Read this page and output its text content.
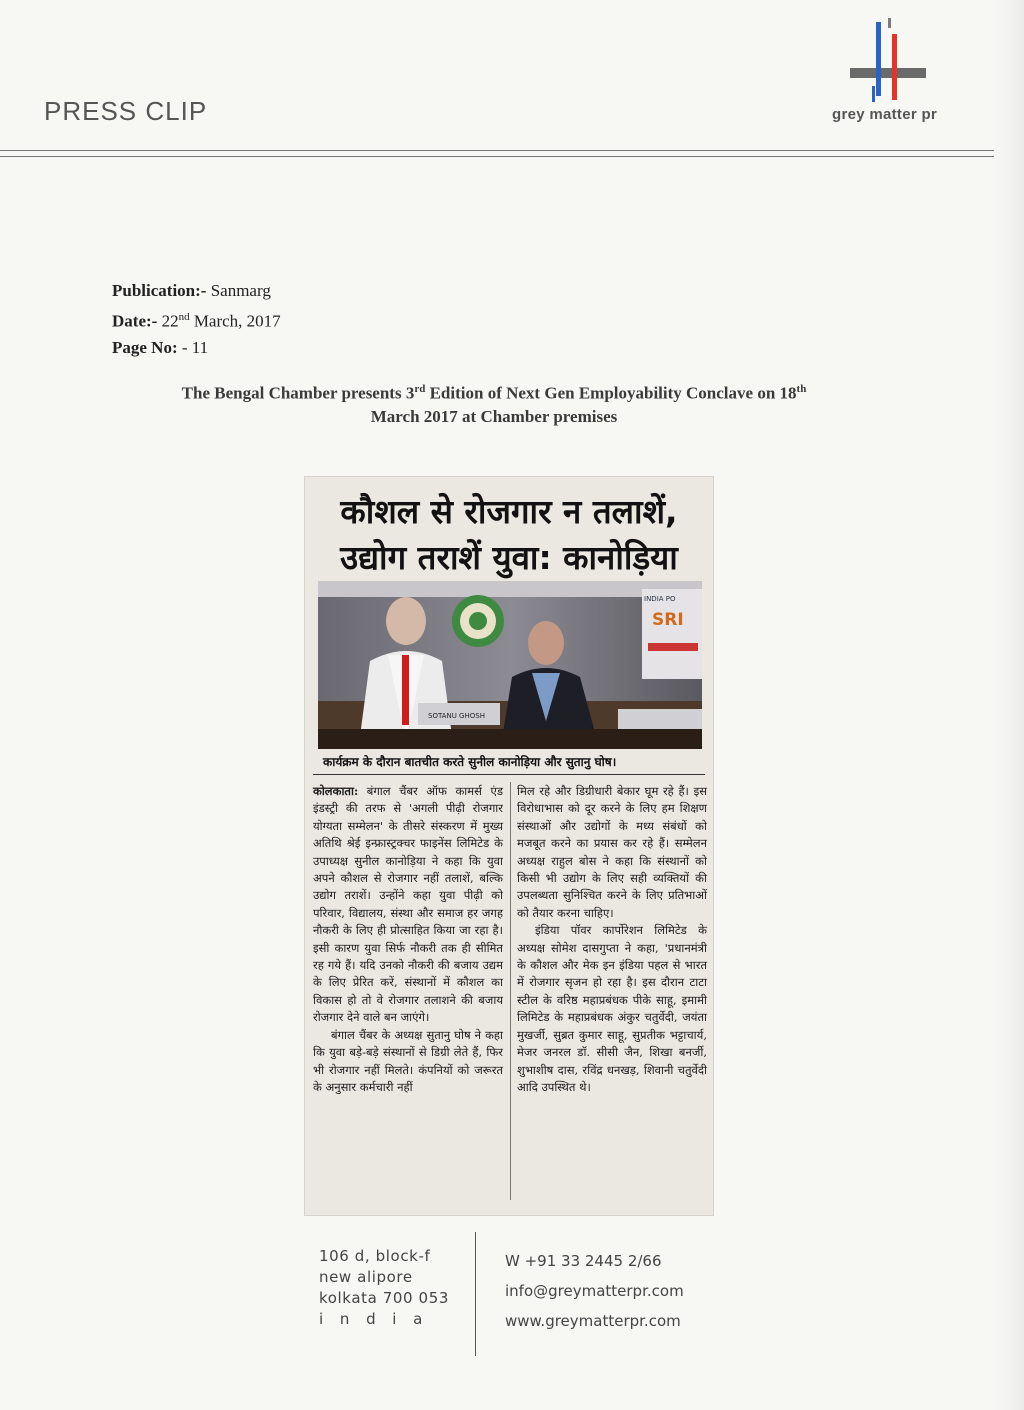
PRESS CLIP	grey matter pr
Publication:- Sanmarg
Date:- 22nd March, 2017
Page No: - 11
The Bengal Chamber presents 3rd Edition of Next Gen Employability Conclave on 18th
March 2017 at Chamber premises
कौशल से रोजगार न तलाशें,
उद्योग तराशें युवा: कानोड़िया
INDIA PO
SRI
SOTANU GHOSH
कार्यक्रम के दौरान बातचीत करते सुनील कानोड़िया और सुतानु घोष।

कोलकाता: बंगाल चैंबर ऑफ कामर्स एंड इंडस्ट्री की तरफ से 'अगली पीढ़ी रोजगार योग्यता सम्मेलन' के तीसरे संस्करण में मुख्य अतिथि श्रेई इन्फ्रास्ट्रक्चर फाइनेंस लिमिटेड के उपाध्यक्ष सुनील कानोड़िया ने कहा कि युवा अपने कौशल से रोजगार नहीं तलाशें, बल्कि उद्योग तराशें। उन्होंने कहा युवा पीढ़ी को परिवार, विद्यालय, संस्था और समाज हर जगह नौकरी के लिए ही प्रोत्साहित किया जा रहा है। इसी कारण युवा सिर्फ नौकरी तक ही सीमित रह गये हैं। यदि उनको नौकरी की बजाय उद्यम के लिए प्रेरित करें, संस्थानों में कौशल का विकास हो तो वे रोजगार तलाशने की बजाय रोजगार देने वाले बन जाएंगे।

बंगाल चैंबर के अध्यक्ष सुतानु घोष ने कहा कि युवा बड़े-बड़े संस्थानों से डिग्री लेते हैं, फिर भी रोजगार नहीं मिलते। कंपनियों को जरूरत के अनुसार कर्मचारी नहीं

मिल रहे और डिग्रीधारी बेकार घूम रहे हैं। इस विरोधाभास को दूर करने के लिए हम शिक्षण संस्थाओं और उद्योगों के मध्य संबंधों को मजबूत करने का प्रयास कर रहे हैं। सम्मेलन अध्यक्ष राहुल बोस ने कहा कि संस्थानों को किसी भी उद्योग के लिए सही व्यक्तियों की उपलब्धता सुनिश्चित करने के लिए प्रतिभाओं को तैयार करना चाहिए।

इंडिया पॉवर कार्पोरेशन लिमिटेड के अध्यक्ष सोमेश दासगुप्ता ने कहा, 'प्रधानमंत्री के कौशल और मेक इन इंडिया पहल से भारत में रोजगार सृजन हो रहा है। इस दौरान टाटा स्टील के वरिष्ठ महाप्रबंधक पीके साहू, इमामी लिमिटेड के महाप्रबंधक अंकुर चतुर्वेदी, जयंता मुखर्जी, सुब्रत कुमार साहू, सुप्रतीक भट्टाचार्य, मेजर जनरल डॉ. सीसी जैन, शिखा बनर्जी, शुभाशीष दास, रविंद्र धनखड़, शिवानी चतुर्वेदी आदि उपस्थित थे।

106 d, block-f
new alipore
kolkata 700 053
i   n   d   i   a
W +91 33 2445 2/66
info@greymatterpr.com
www.greymatterpr.com
